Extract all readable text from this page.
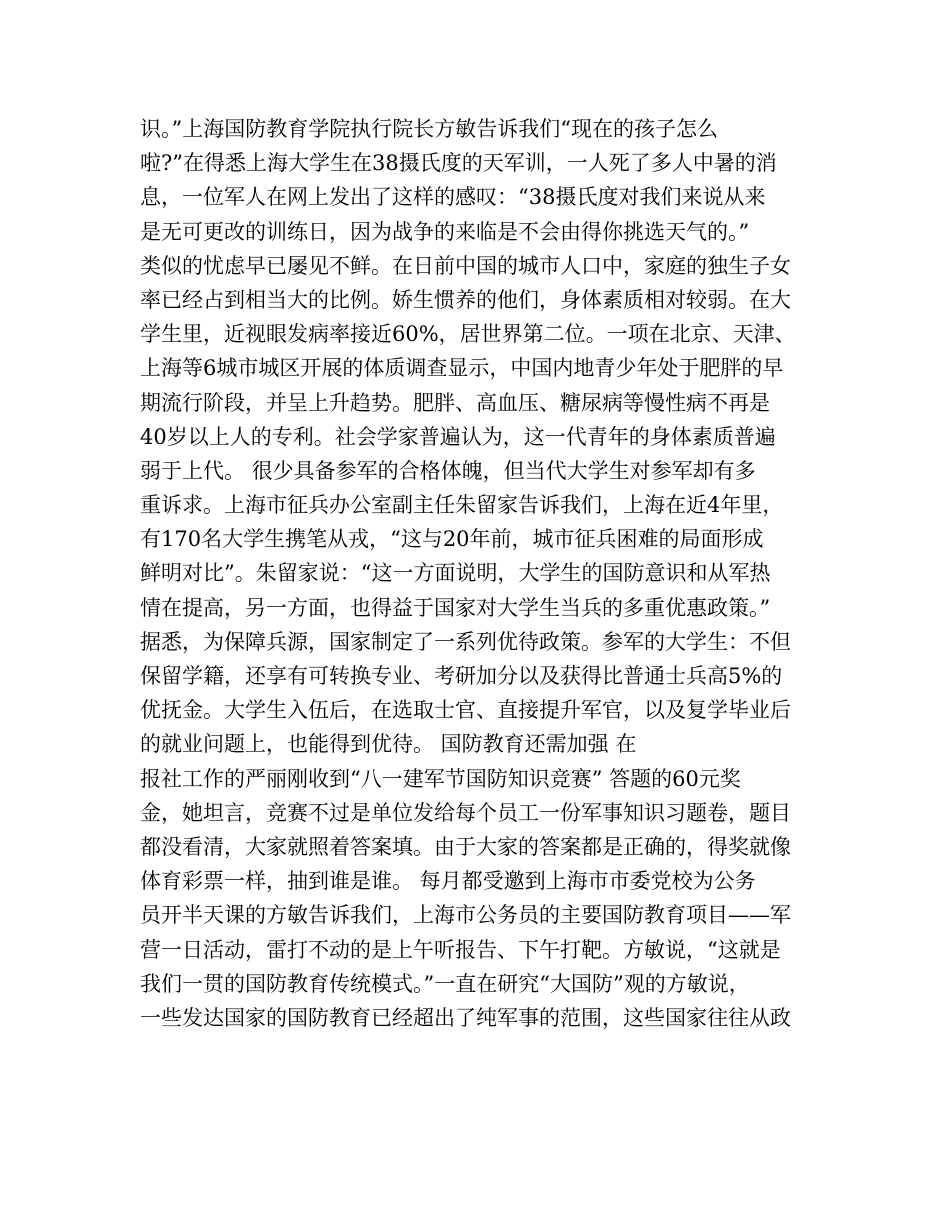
识。”上海国防教育学院执行院长方敏告诉我们“现在的孩子怎么
啦?”在得悉上海大学生在38摄氏度的天军训，一人死了多人中暑的消
息，一位军人在网上发出了这样的感叹：“38摄氏度对我们来说从来
是无可更改的训练日，因为战争的来临是不会由得你挑选天气的。”
类似的忧虑早已屡见不鲜。在日前中国的城市人口中，家庭的独生子女
率已经占到相当大的比例。娇生惯养的他们，身体素质相对较弱。在大
学生里，近视眼发病率接近60%，居世界第二位。一项在北京、天津、
上海等6城市城区开展的体质调查显示，中国内地青少年处于肥胖的早
期流行阶段，并呈上升趋势。肥胖、高血压、糖尿病等慢性病不再是
40岁以上人的专利。社会学家普遍认为，这一代青年的身体素质普遍
弱于上代。 很少具备参军的合格体魄，但当代大学生对参军却有多
重诉求。上海市征兵办公室副主任朱留家告诉我们，上海在近4年里，
有170名大学生携笔从戎，“这与20年前，城市征兵困难的局面形成
鲜明对比”。朱留家说：“这一方面说明，大学生的国防意识和从军热
情在提高，另一方面，也得益于国家对大学生当兵的多重优惠政策。”
据悉，为保障兵源，国家制定了一系列优待政策。参军的大学生：不但
保留学籍，还享有可转换专业、考研加分以及获得比普通士兵高5%的
优抚金。大学生入伍后，在选取士官、直接提升军官，以及复学毕业后
的就业问题上，也能得到优待。 国防教育还需加强 在
报社工作的严丽刚收到“八一建军节国防知识竞赛” 答题的60元奖
金，她坦言，竞赛不过是单位发给每个员工一份军事知识习题卷，题目
都没看清，大家就照着答案填。由于大家的答案都是正确的，得奖就像
体育彩票一样，抽到谁是谁。 每月都受邀到上海市市委党校为公务
员开半天课的方敏告诉我们，上海市公务员的主要国防教育项目——军
营一日活动，雷打不动的是上午听报告、下午打靶。方敏说，“这就是
我们一贯的国防教育传统模式。”一直在研究“大国防”观的方敏说，
一些发达国家的国防教育已经超出了纯军事的范围，这些国家往往从政
